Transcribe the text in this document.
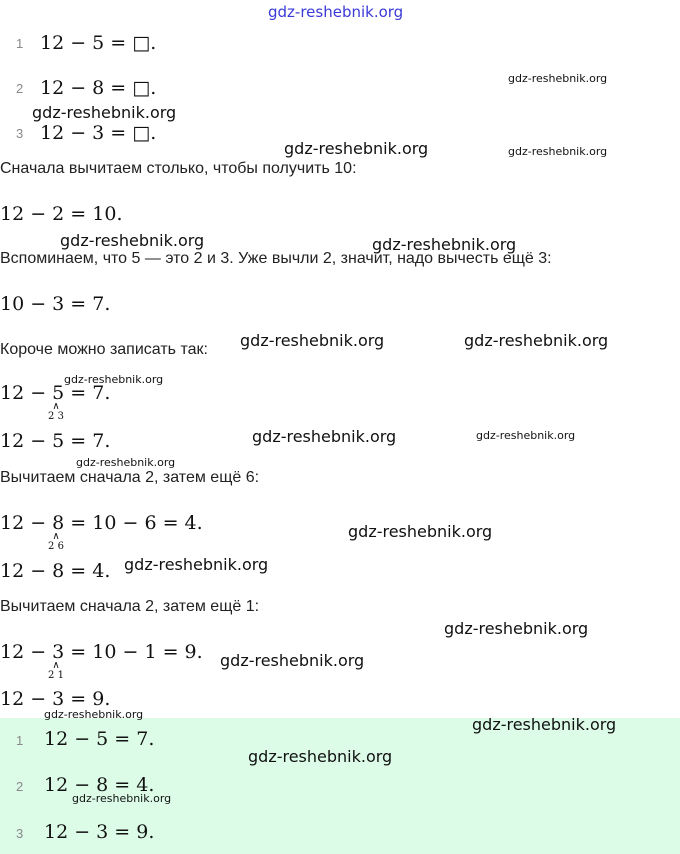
gdz-reshebnik.org
1 12 − 5 = □.
2 12 − 8 = □.
3 12 − 3 = □.
Сначала вычитаем столько, чтобы получить 10:
12 − 2 = 10.
Вспоминаем, что 5 — это 2 и 3. Уже вычли 2, значит, надо вычесть ещё 3:
10 − 3 = 7.
Короче можно записать так:
12 − 5 = 7.
∧
2 3
12 − 5 = 7.
Вычитаем сначала 2, затем ещё 6:
12 − 8 = 10 − 6 = 4.
∧
2 6
12 − 8 = 4.
Вычитаем сначала 2, затем ещё 1:
12 − 3 = 10 − 1 = 9.
∧
2 1
12 − 3 = 9.
1 12 − 5 = 7.
2 12 − 8 = 4.
3 12 − 3 = 9.
gdz-reshebnik.org
gdz-reshebnik.org
gdz-reshebnik.org	gdz-reshebnik.org
gdz-reshebnik.org	gdz-reshebnik.org
gdz-reshebnik.org	gdz-reshebnik.org
gdz-reshebnik.org
gdz-reshebnik.org	gdz-reshebnik.org
gdz-reshebnik.org
gdz-reshebnik.org
gdz-reshebnik.org
gdz-reshebnik.org
gdz-reshebnik.org
gdz-reshebnik.org
gdz-reshebnik.org
gdz-reshebnik.org
gdz-reshebnik.org
